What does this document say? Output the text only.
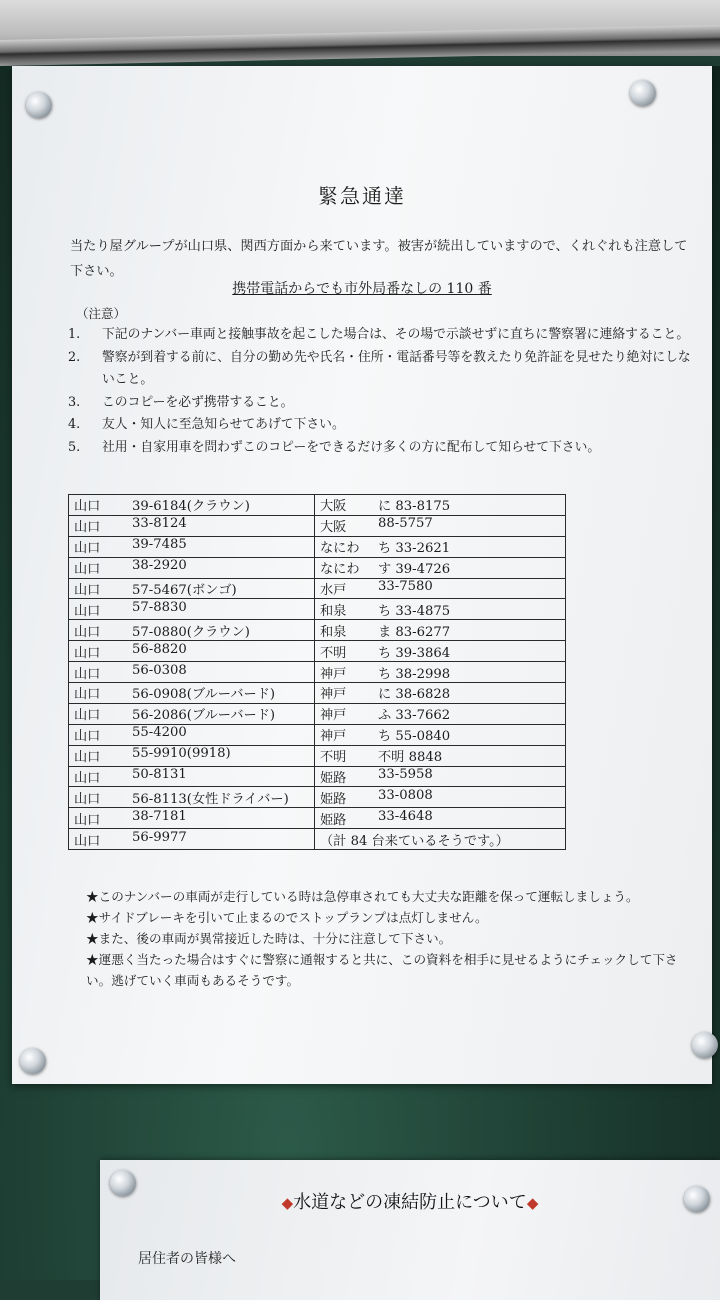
緊急通達
当たり屋グループが山口県、関西方面から来ています。被害が続出していますので、くれぐれも注意して下さい。
携帯電話からでも市外局番なしの 110 番
（注意）
1.	下記のナンバー車両と接触事故を起こした場合は、その場で示談せずに直ちに警察署に連絡すること。
2.	警察が到着する前に、自分の勤め先や氏名・住所・電話番号等を教えたり免許証を見せたり絶対にしないこと。
3.	このコピーを必ず携帯すること。
4.	友人・知人に至急知らせてあげて下さい。
5.	社用・自家用車を問わずこのコピーをできるだけ多くの方に配布して知らせて下さい。
山口 39-6184(クラウン)	大阪 に 83-8175

山口 33-8124	大阪 88-5757

山口 39-7485	なにわ ち 33-2621

山口 38-2920	なにわ す 39-4726

山口 57-5467(ボンゴ)	水戸 33-7580

山口 57-8830	和泉 ち 33-4875

山口 57-0880(クラウン)	和泉 ま 83-6277

山口 56-8820	不明 ち 39-3864

山口 56-0308	神戸 ち 38-2998

山口 56-0908(ブルーバード)	神戸 に 38-6828

山口 56-2086(ブルーバード)	神戸 ふ 33-7662

山口 55-4200	神戸 ち 55-0840

山口 55-9910(9918)	不明 不明 8848

山口 50-8131	姫路 33-5958

山口 56-8113(女性ドライバー)	姫路 33-0808

山口 38-7181	姫路 33-4648

山口 56-9977	（計 84 台来ているそうです。）

★このナンバーの車両が走行している時は急停車されても大丈夫な距離を保って運転しましょう。

★サイドブレーキを引いて止まるのでストップランプは点灯しません。

★また、後の車両が異常接近した時は、十分に注意して下さい。

★運悪く当たった場合はすぐに警察に通報すると共に、この資料を相手に見せるようにチェックして下さい。逃げていく車両もあるそうです。

◆水道などの凍結防止について◆
居住者の皆様へ
